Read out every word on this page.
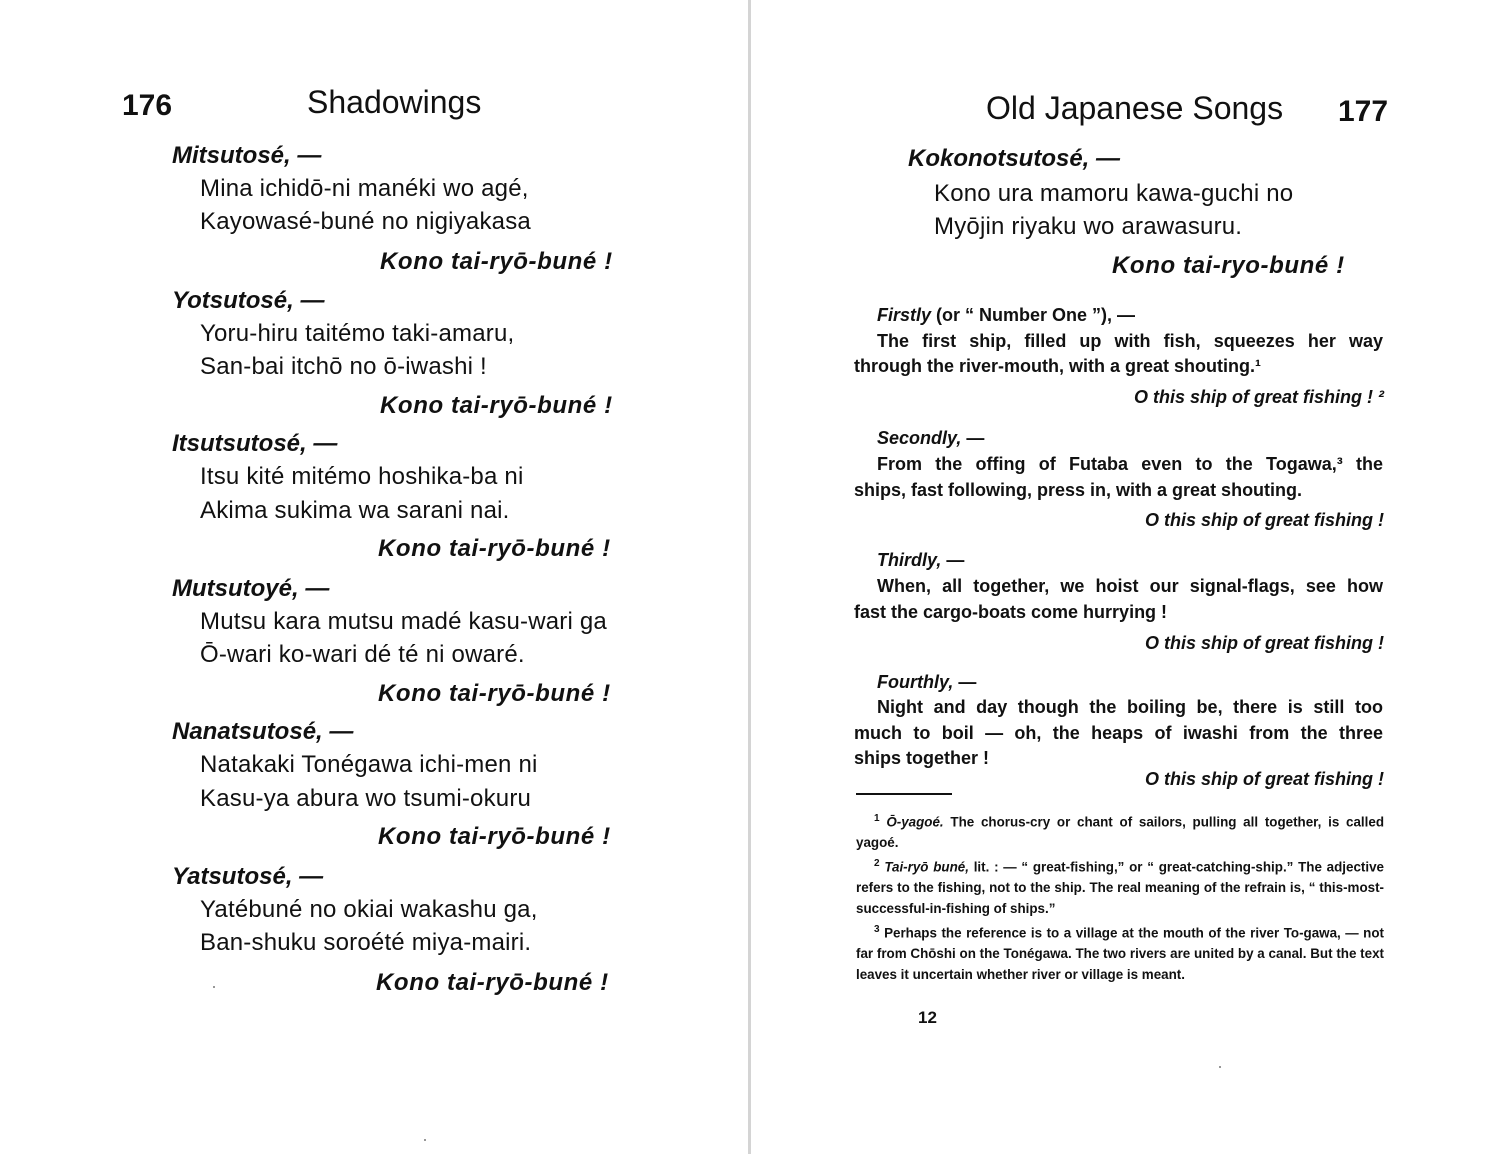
176	Shadowings
Mitsutosé, —
Mina ichidō-ni manéki wo agé,
Kayowasé-buné no nigiyakasa
Kono tai-ryō-buné !
Yotsutosé, —
Yoru-hiru taitémo taki-amaru,
San-bai itchō no ō-iwashi !
Kono tai-ryō-buné !
Itsutsutosé, —
Itsu kité mitémo hoshika-ba ni
Akima sukima wa sarani nai.
Kono tai-ryō-buné !
Mutsutoyé, —
Mutsu kara mutsu madé kasu-wari ga
Ō-wari ko-wari dé té ni owaré.
Kono tai-ryō-buné !
Nanatsutosé, —
Natakaki Tonégawa ichi-men ni
Kasu-ya abura wo tsumi-okuru
Kono tai-ryō-buné !
Yatsutosé, —
Yatébuné no okiai wakashu ga,
Ban-shuku soroété miya-mairi.
Kono tai-ryō-buné !
Old Japanese Songs 177
Kokonotsutosé, —
Kono ura mamoru kawa-guchi no
Myōjin riyaku wo arawasuru.
Kono tai-ryo-buné !
Firstly (or “ Number One ”), —
The first ship, filled up with fish, squeezes her way
through the river-mouth, with a great shouting.¹
O this ship of great fishing ! ²
Secondly, —
From the offing of Futaba even to the Togawa,³ the
ships, fast following, press in, with a great shouting.
O this ship of great fishing !
Thirdly, —
When, all together, we hoist our signal-flags, see how
fast the cargo-boats come hurrying !
O this ship of great fishing !
Fourthly, —
Night and day though the boiling be, there is still too
much to boil — oh, the heaps of iwashi from the three
ships together !
O this ship of great fishing !
$^1$ Ō-yagoé. The chorus-cry or chant of sailors, pulling all together, is called yagoé.
$^2$ Tai-ryō buné, lit. : — “ great-fishing,” or “ great-catching-ship.” The adjective refers to the fishing, not to the ship. The real meaning of the refrain is, “ this-most-successful-in-fishing of ships.”
$^3$ Perhaps the reference is to a village at the mouth of the river To-gawa, — not far from Chōshi on the Tonégawa. The two rivers are united by a canal. But the text leaves it uncertain whether river or village is meant.
12
